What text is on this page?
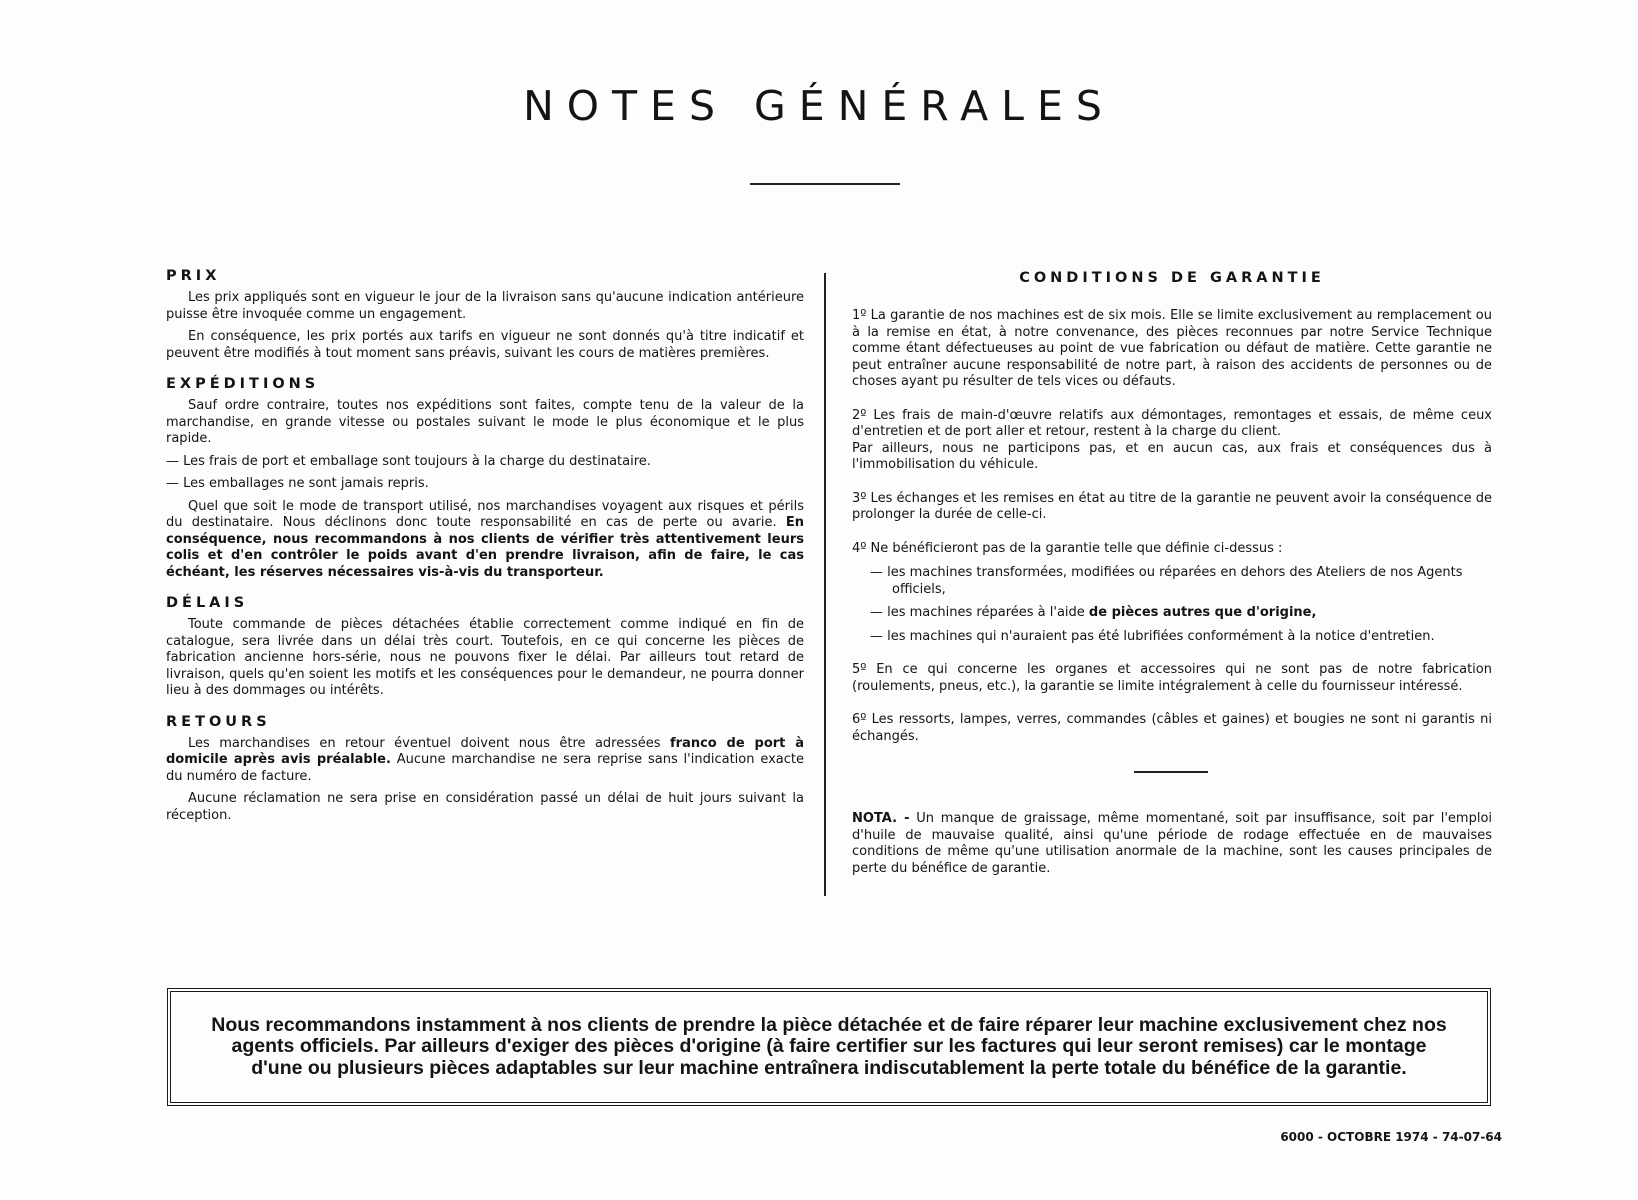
NOTES GÉNÉRALES
PRIX

Les prix appliqués sont en vigueur le jour de la livraison sans qu'aucune indication antérieure puisse être invoquée comme un engagement.

En conséquence, les prix portés aux tarifs en vigueur ne sont donnés qu'à titre indicatif et peuvent être modifiés à tout moment sans préavis, suivant les cours de matières premières.

EXPÉDITIONS

Sauf ordre contraire, toutes nos expéditions sont faites, compte tenu de la valeur de la marchandise, en grande vitesse ou postales suivant le mode le plus économique et le plus rapide.

— Les frais de port et emballage sont toujours à la charge du destinataire.

— Les emballages ne sont jamais repris.

Quel que soit le mode de transport utilisé, nos marchandises voyagent aux risques et périls du destinataire. Nous déclinons donc toute responsabilité en cas de perte ou avarie. En conséquence, nous recommandons à nos clients de vérifier très attentivement leurs colis et d'en contrôler le poids avant d'en prendre livraison, afin de faire, le cas échéant, les réserves nécessaires vis-à-vis du transporteur.

DÉLAIS

Toute commande de pièces détachées établie correctement comme indiqué en fin de catalogue, sera livrée dans un délai très court. Toutefois, en ce qui concerne les pièces de fabrication ancienne hors-série, nous ne pouvons fixer le délai. Par ailleurs tout retard de livraison, quels qu'en soient les motifs et les conséquences pour le demandeur, ne pourra donner lieu à des dommages ou intérêts.

RETOURS

Les marchandises en retour éventuel doivent nous être adressées franco de port à domicile après avis préalable. Aucune marchandise ne sera reprise sans l'indication exacte du numéro de facture.

Aucune réclamation ne sera prise en considération passé un délai de huit jours suivant la réception.

CONDITIONS DE GARANTIE

1º La garantie de nos machines est de six mois. Elle se limite exclusivement au remplacement ou à la remise en état, à notre convenance, des pièces reconnues par notre Service Technique comme étant défectueuses au point de vue fabrication ou défaut de matière. Cette garantie ne peut entraîner aucune responsabilité de notre part, à raison des accidents de personnes ou de choses ayant pu résulter de tels vices ou défauts.

2º Les frais de main-d'œuvre relatifs aux démontages, remontages et essais, de même ceux d'entretien et de port aller et retour, restent à la charge du client.
Par ailleurs, nous ne participons pas, et en aucun cas, aux frais et conséquences dus à l'immobilisation du véhicule.

3º Les échanges et les remises en état au titre de la garantie ne peuvent avoir la conséquence de prolonger la durée de celle-ci.

4º Ne bénéficieront pas de la garantie telle que définie ci-dessus :

— les machines transformées, modifiées ou réparées en dehors des Ateliers de nos Agents officiels,

— les machines réparées à l'aide de pièces autres que d'origine,

— les machines qui n'auraient pas été lubrifiées conformément à la notice d'entretien.

5º En ce qui concerne les organes et accessoires qui ne sont pas de notre fabrication (roulements, pneus, etc.), la garantie se limite intégralement à celle du fournisseur intéressé.

6º Les ressorts, lampes, verres, commandes (câbles et gaines) et bougies ne sont ni garantis ni échangés.

NOTA. - Un manque de graissage, même momentané, soit par insuffisance, soit par l'emploi d'huile de mauvaise qualité, ainsi qu'une période de rodage effectuée en de mauvaises conditions de même qu'une utilisation anormale de la machine, sont les causes principales de perte du bénéfice de garantie.

Nous recommandons instamment à nos clients de prendre la pièce détachée et de faire réparer leur machine exclusivement chez nos agents officiels. Par ailleurs d'exiger des pièces d'origine (à faire certifier sur les factures qui leur seront remises) car le montage d'une ou plusieurs pièces adaptables sur leur machine entraînera indiscutablement la perte totale du bénéfice de la garantie.

6000 - OCTOBRE 1974 - 74-07-64
